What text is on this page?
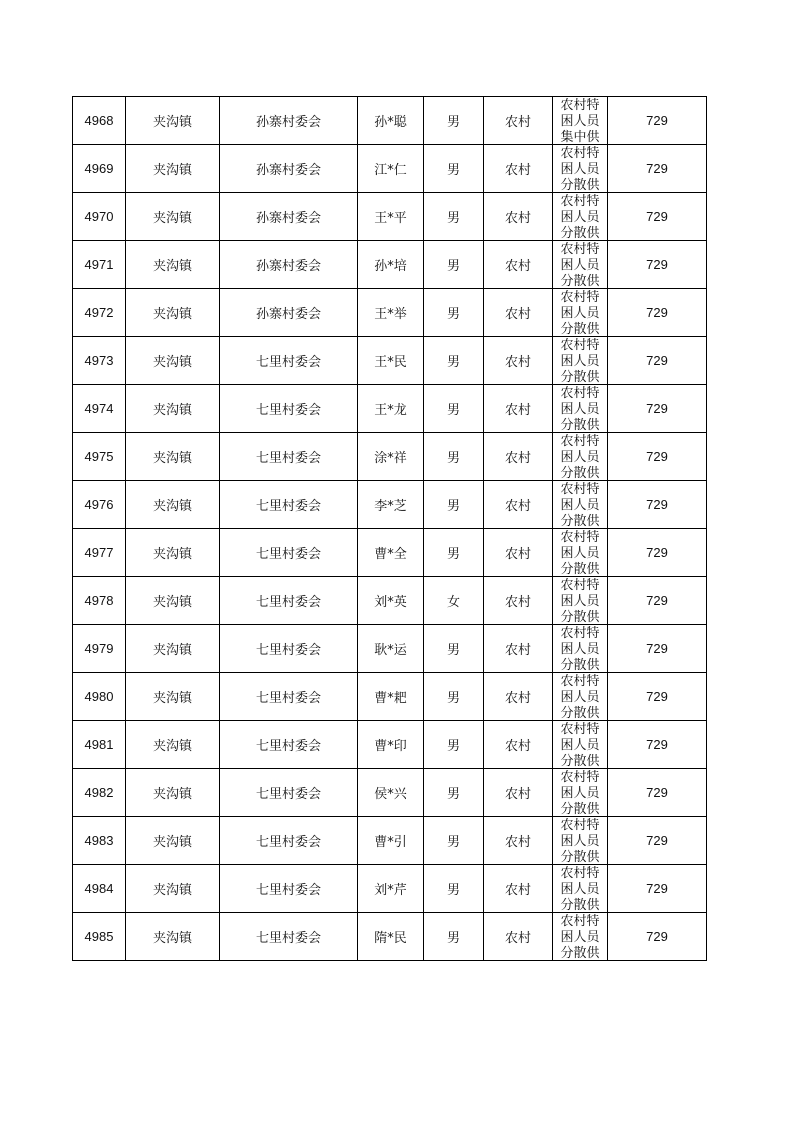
4968	夹沟镇	孙寨村委会	孙*聪	男	农村	农村特
困人员
集中供	729
4969	夹沟镇	孙寨村委会	江*仁	男	农村	农村特
困人员
分散供	729
4970	夹沟镇	孙寨村委会	王*平	男	农村	农村特
困人员
分散供	729
4971	夹沟镇	孙寨村委会	孙*培	男	农村	农村特
困人员
分散供	729
4972	夹沟镇	孙寨村委会	王*举	男	农村	农村特
困人员
分散供	729
4973	夹沟镇	七里村委会	王*民	男	农村	农村特
困人员
分散供	729
4974	夹沟镇	七里村委会	王*龙	男	农村	农村特
困人员
分散供	729
4975	夹沟镇	七里村委会	涂*祥	男	农村	农村特
困人员
分散供	729
4976	夹沟镇	七里村委会	李*芝	男	农村	农村特
困人员
分散供	729
4977	夹沟镇	七里村委会	曹*全	男	农村	农村特
困人员
分散供	729
4978	夹沟镇	七里村委会	刘*英	女	农村	农村特
困人员
分散供	729
4979	夹沟镇	七里村委会	耿*运	男	农村	农村特
困人员
分散供	729
4980	夹沟镇	七里村委会	曹*耙	男	农村	农村特
困人员
分散供	729
4981	夹沟镇	七里村委会	曹*印	男	农村	农村特
困人员
分散供	729
4982	夹沟镇	七里村委会	侯*兴	男	农村	农村特
困人员
分散供	729
4983	夹沟镇	七里村委会	曹*引	男	农村	农村特
困人员
分散供	729
4984	夹沟镇	七里村委会	刘*芹	男	农村	农村特
困人员
分散供	729
4985	夹沟镇	七里村委会	隋*民	男	农村	农村特
困人员
分散供	729
